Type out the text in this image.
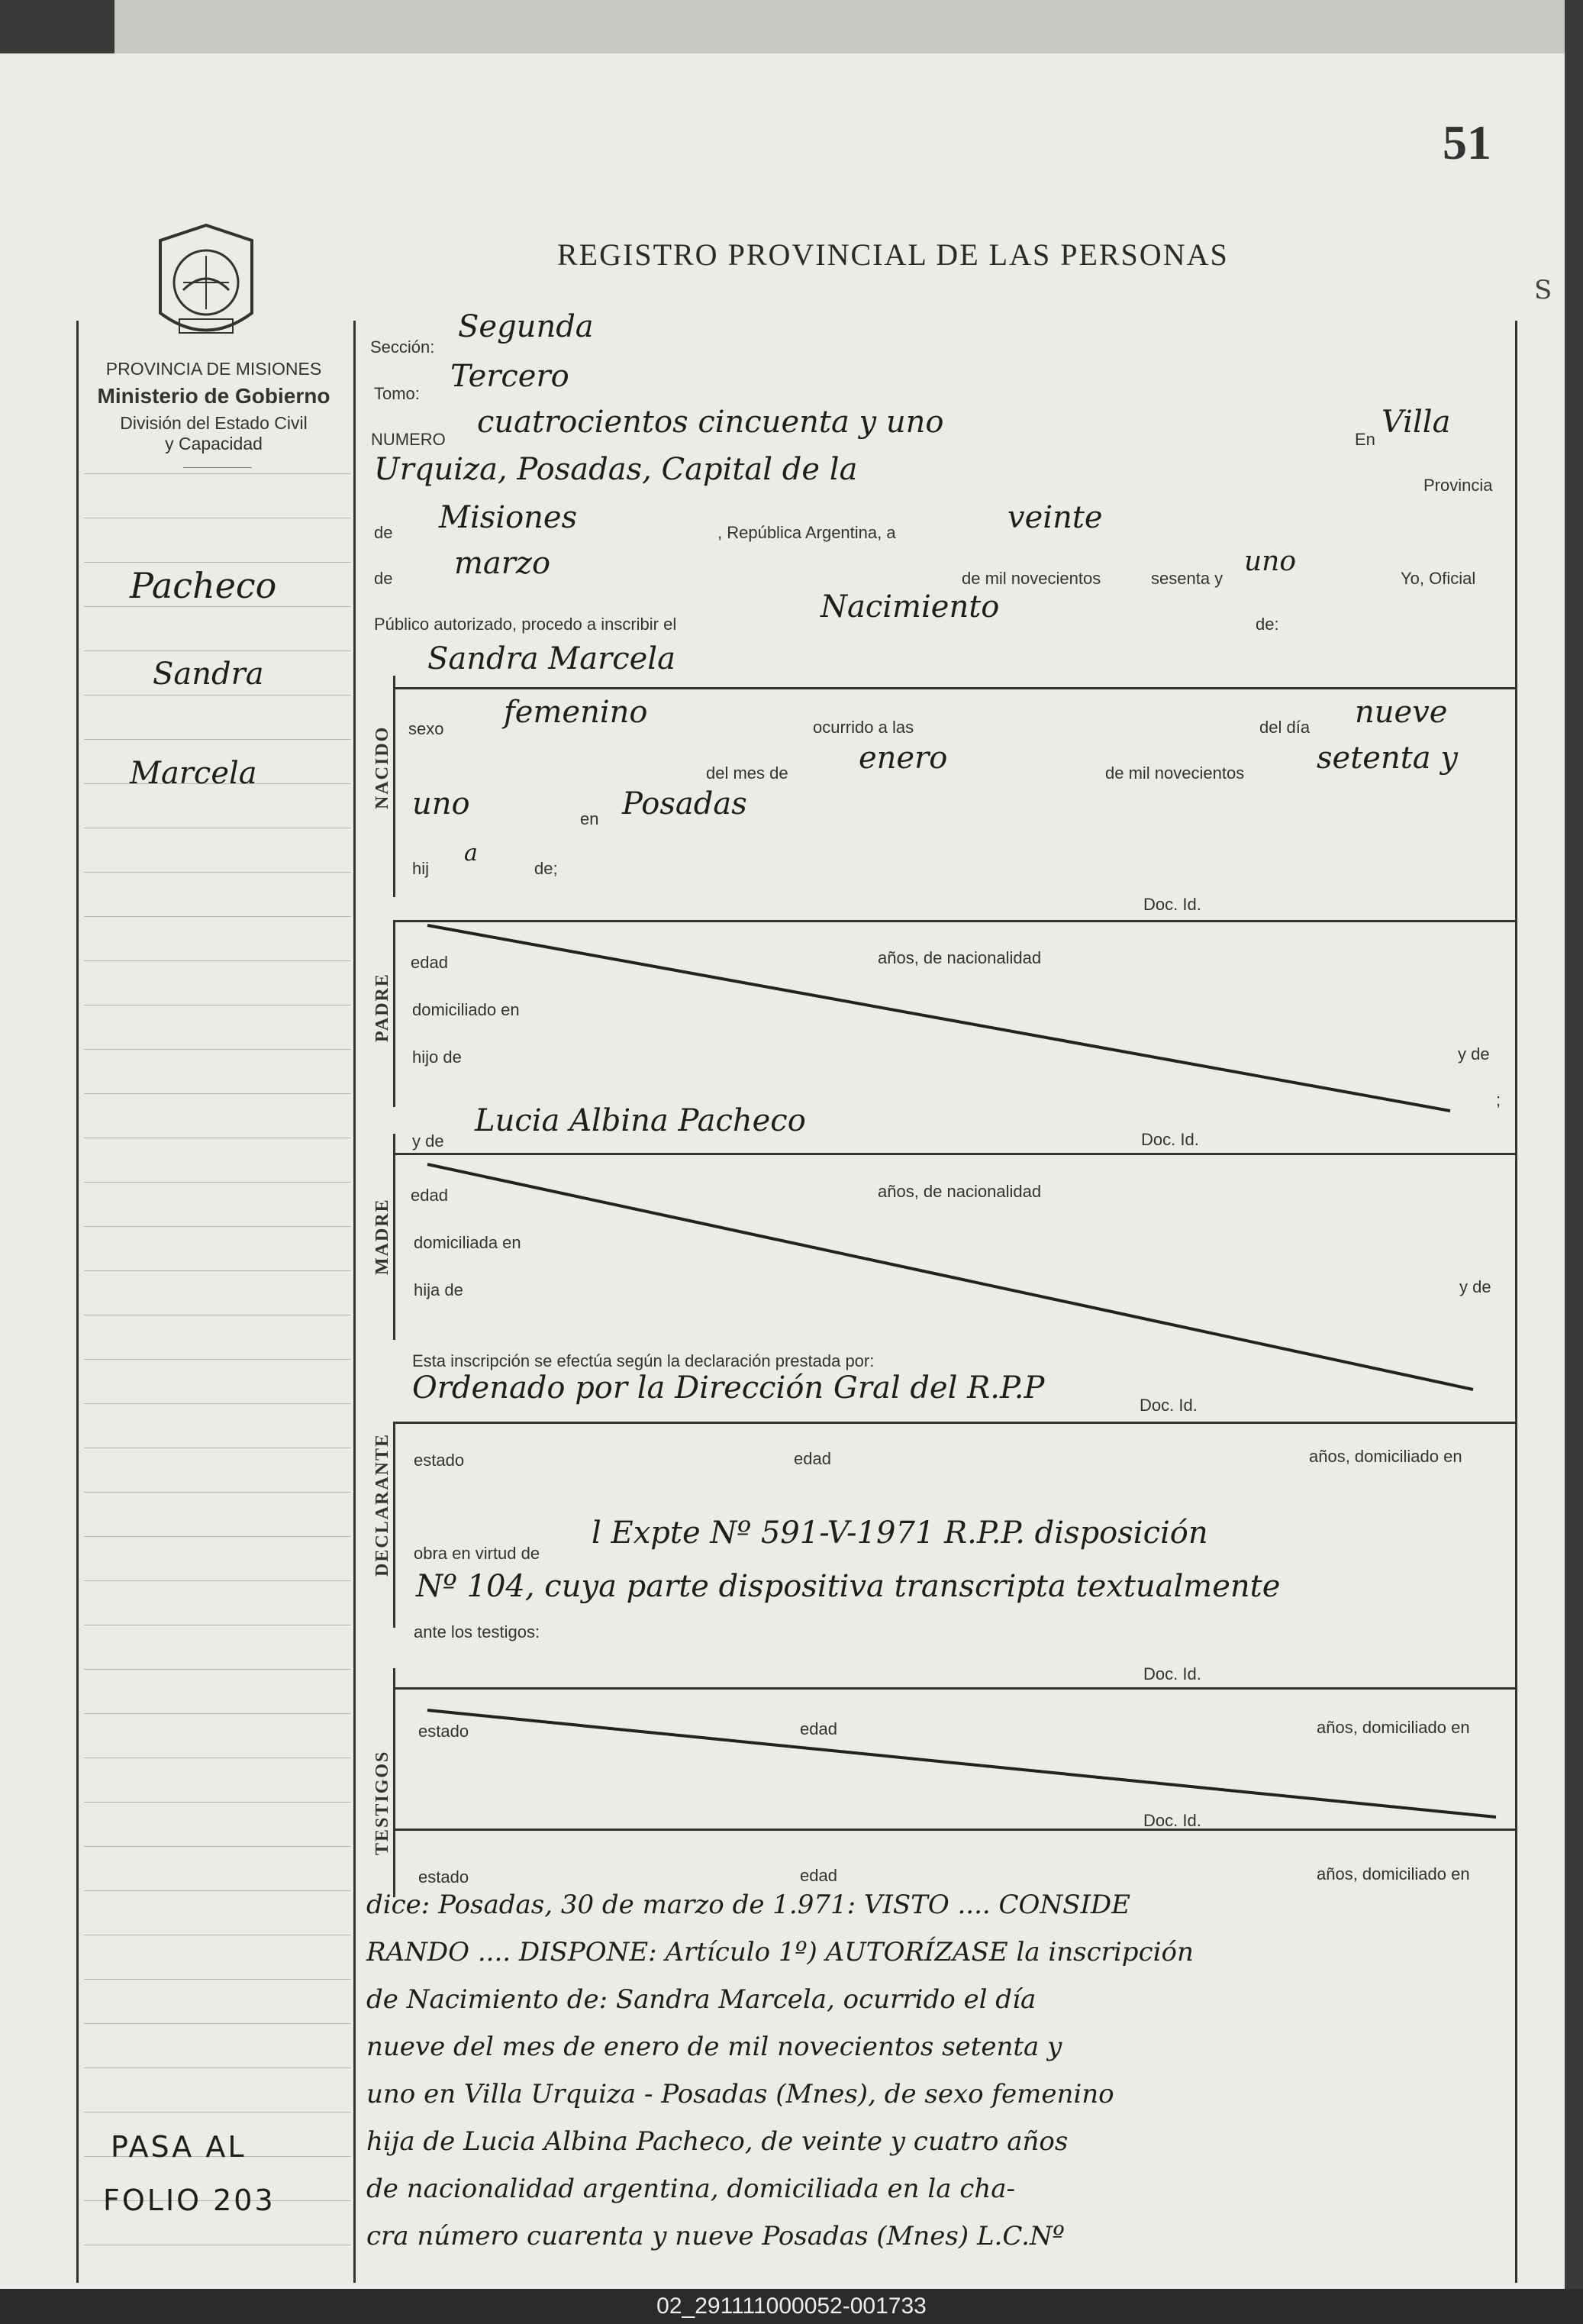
S
51
REGISTRO PROVINCIAL DE LAS PERSONAS
PROVINCIA DE MISIONES
Ministerio de Gobierno
División del Estado Civil
y Capacidad
Pacheco
Sandra
Marcela
PASA AL
FOLIO 203
Sección:
Segunda
Tomo: Tercero
NUMERO cuatrocientos cincuenta y uno	En Villa
Urquiza, Posadas, Capital de la	Provincia
de Misiones	, República Argentina, a	veinte
de marzo	de mil novecientos	sesenta y
uno
Yo, Oficial
Público autorizado, procedo a inscribir el	Nacimiento	de:
Sandra Marcela
NACIDO sexo femenino	ocurrido a las	del día nueve
del mes de enero	de mil novecientos setenta y
uno	en Posadas
hij
a
de;
Doc. Id.
PADRE
edad	años, de nacionalidad
domiciliado en
hijo de	y de
;
y de
Lucia Albina Pacheco
Doc. Id.
MADRE
edad	años, de nacionalidad
domiciliada en
hija de	y de
Esta inscripción se efectúa según la declaración prestada por:
Ordenado por la Dirección Gral del R.P.P	Doc. Id.
DECLARANTE estado	edad	años, domiciliado en
obra en virtud de
l Expte Nº 591-V-1971 R.P.P. disposición
Nº 104, cuya parte dispositiva transcripta textualmente
ante los testigos:
Doc. Id.
TESTIGOS
estado	edad	años, domiciliado en
Doc. Id.
estado	edad	años, domiciliado en
dice: Posadas, 30 de marzo de 1.971: VISTO .... CONSIDE
RANDO .... DISPONE: Artículo 1º) AUTORÍZASE la inscripción
de Nacimiento de: Sandra Marcela, ocurrido el día
nueve del mes de enero de mil novecientos setenta y
uno en Villa Urquiza - Posadas (Mnes), de sexo femenino
hija de Lucia Albina Pacheco, de veinte y cuatro años
de nacionalidad argentina, domiciliada en la cha-
cra número cuarenta y nueve Posadas (Mnes) L.C.Nº
02_291111000052-001733
